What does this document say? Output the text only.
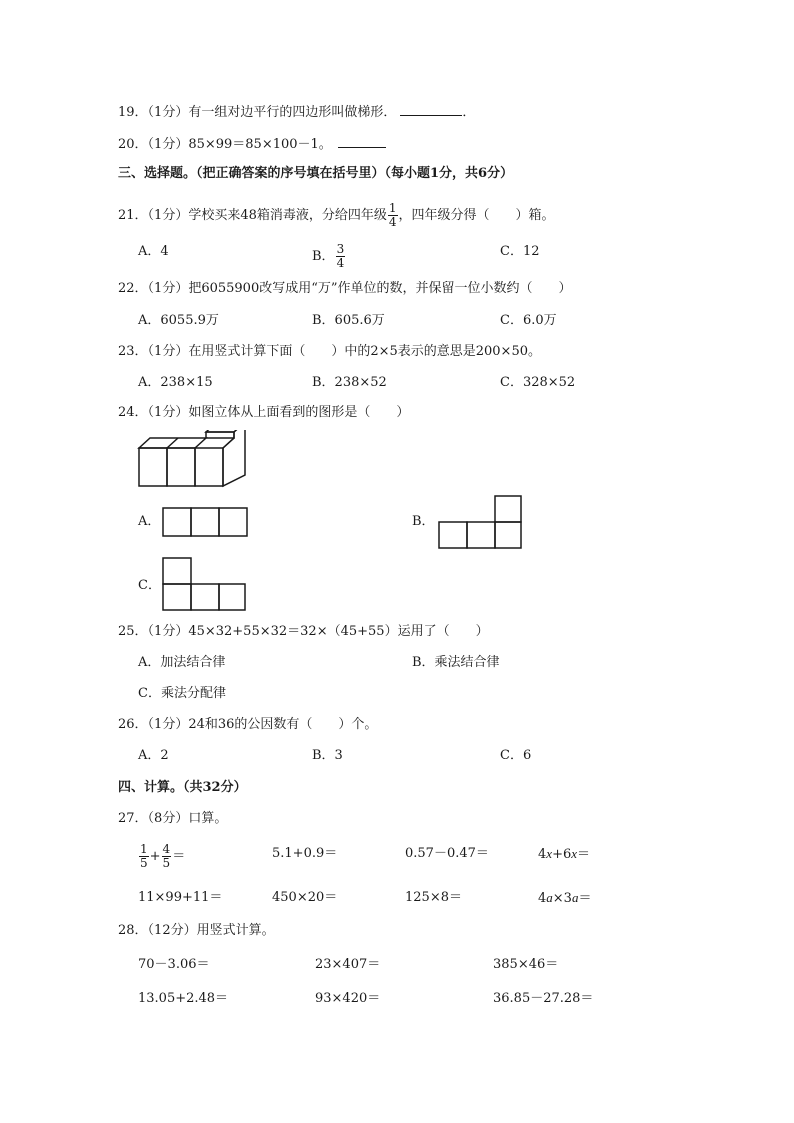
19．（1分）有一组对边平行的四边形叫做梯形．	．
20．（1分）85×99＝85×100－1。
三、选择题。（把正确答案的序号填在括号里）（每小题1分，共6分）
21．（1分）学校买来48箱消毒液，分给四年级 $\frac{1}{4}$ ，四年级分得（　　）箱。
A．4	B． $\frac{3}{4}$	C．12
22．（1分）把6055900改写成用“万”作单位的数，并保留一位小数约（　　）
A．6055.9万	B．605.6万	C．6.0万
23．（1分）在用竖式计算下面（　　）中的2×5表示的意思是200×50。
A．238×15	B．238×52	C．328×52
24．（1分）如图立体从上面看到的图形是（　　）
A．	B．
C．
25．（1分）45×32+55×32＝32×（45+55）运用了（　　）
A．加法结合律	B．乘法结合律
C．乘法分配律
26．（1分）24和36的公因数有（　　）个。
A．2	B．3	C．6
四、计算。（共32分）
27．（8分）口算。
$\frac{1}{5} + \frac{4}{5}$ ＝	5.1+0.9＝	0.57－0.47＝	4x+6x＝
11×99+11＝	450×20＝	125×8＝	4a×3a＝
28．（12分）用竖式计算。
70－3.06＝	23×407＝	385×46＝
13.05+2.48＝	93×420＝	36.85－27.28＝
